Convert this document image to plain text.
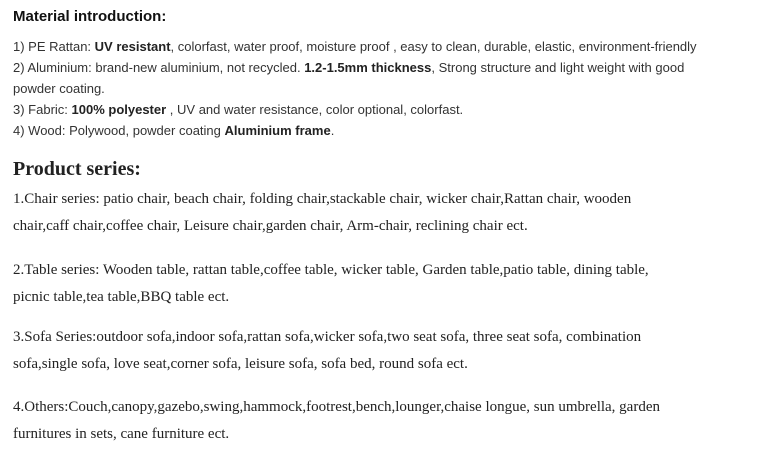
Material introduction:
1) PE Rattan: UV resistant, colorfast, water proof, moisture proof , easy to clean, durable, elastic, environment-friendly
2) Aluminium: brand-new aluminium, not recycled. 1.2-1.5mm thickness, Strong structure and light weight with good
powder coating.
3) Fabric: 100% polyester , UV and water resistance, color optional, colorfast.
4) Wood: Polywood, powder coating Aluminium frame.
Product series:
1.Chair series: patio chair, beach chair, folding chair,stackable chair, wicker chair,Rattan chair, wooden
chair,caff chair,coffee chair, Leisure chair,garden chair, Arm-chair, reclining chair ect.
2.Table series: Wooden table, rattan table,coffee table, wicker table, Garden table,patio table, dining table,
picnic table,tea table,BBQ table ect.
3.Sofa Series:outdoor sofa,indoor sofa,rattan sofa,wicker sofa,two seat sofa, three seat sofa, combination
sofa,single sofa, love seat,corner sofa, leisure sofa, sofa bed, round sofa ect.
4.Others:Couch,canopy,gazebo,swing,hammock,footrest,bench,lounger,chaise longue, sun umbrella, garden
furnitures in sets, cane furniture ect.
